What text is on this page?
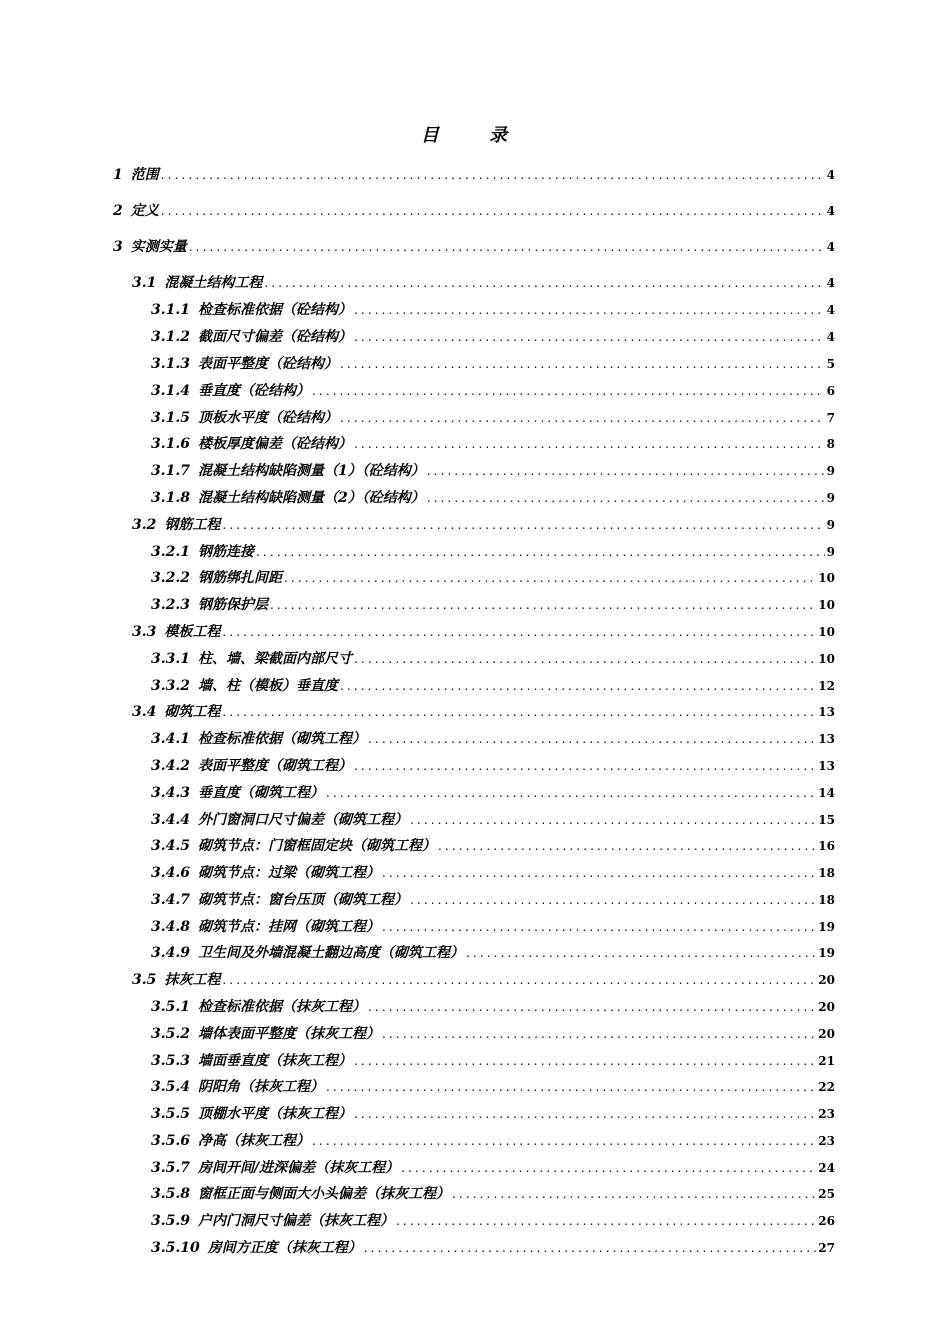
目 录
1 范围 .....	4
2 定义 .....	4
3 实测实量 .....	4
3.1 混凝土结构工程 .....	4
3.1.1 检查标准依据（砼结构） .....	4
3.1.2 截面尺寸偏差（砼结构） .....	4
3.1.3 表面平整度（砼结构） .....	5
3.1.4 垂直度（砼结构） .....	6
3.1.5 顶板水平度（砼结构） .....	7
3.1.6 楼板厚度偏差（砼结构） .....	8
3.1.7 混凝土结构缺陷测量（1）（砼结构） .....	9
3.1.8 混凝土结构缺陷测量（2）（砼结构） .....	9
3.2 钢筋工程 .....	9
3.2.1 钢筋连接 .....	9
3.2.2 钢筋绑扎间距 .....	10
3.2.3 钢筋保护层 .....	10
3.3 模板工程 .....	10
3.3.1 柱、墙、梁截面内部尺寸 .....	10
3.3.2 墙、柱（模板）垂直度 .....	12
3.4 砌筑工程 .....	13
3.4.1 检查标准依据（砌筑工程） .....	13
3.4.2 表面平整度（砌筑工程） .....	13
3.4.3 垂直度（砌筑工程） .....	14
3.4.4 外门窗洞口尺寸偏差（砌筑工程） .....	15
3.4.5 砌筑节点：门窗框固定块（砌筑工程） .....	16
3.4.6 砌筑节点：过梁（砌筑工程） .....	18
3.4.7 砌筑节点：窗台压顶（砌筑工程） .....	18
3.4.8 砌筑节点：挂网（砌筑工程） .....	19
3.4.9 卫生间及外墙混凝土翻边高度（砌筑工程） .....	19
3.5 抹灰工程 .....	20
3.5.1 检查标准依据（抹灰工程） .....	20
3.5.2 墙体表面平整度（抹灰工程） .....	20
3.5.3 墙面垂直度（抹灰工程） .....	21
3.5.4 阴阳角（抹灰工程） .....	22
3.5.5 顶棚水平度（抹灰工程） .....	23
3.5.6 净高（抹灰工程） .....	23
3.5.7 房间开间/进深偏差（抹灰工程） .....	24
3.5.8 窗框正面与侧面大小头偏差（抹灰工程） .....	25
3.5.9 户内门洞尺寸偏差（抹灰工程） .....	26
3.5.10 房间方正度（抹灰工程） .....	27
